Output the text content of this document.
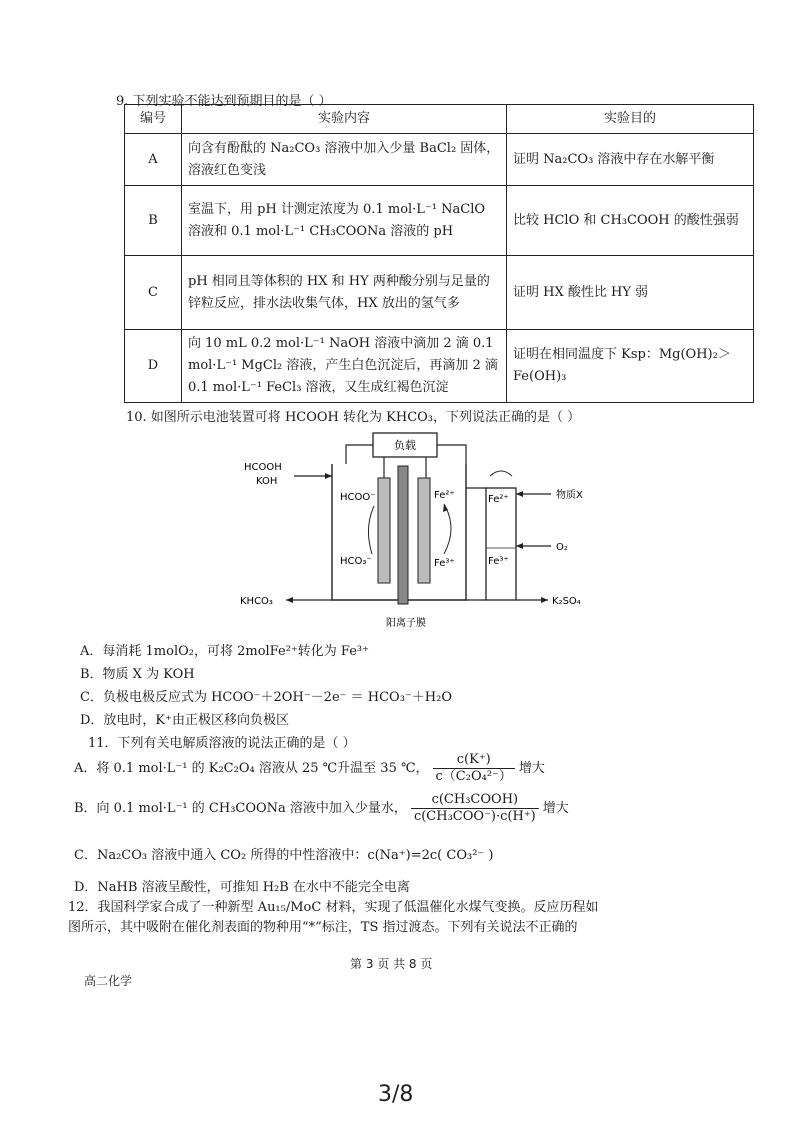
9. 下列实验不能达到预期目的是（ ）
编号	实验内容	实验目的
A	向含有酚酞的 Na₂CO₃ 溶液中加入少量 BaCl₂ 固体，溶液红色变浅	证明 Na₂CO₃ 溶液中存在水解平衡
B	室温下，用 pH 计测定浓度为 0.1 mol·L⁻¹ NaClO 溶液和 0.1 mol·L⁻¹ CH₃COONa 溶液的 pH	比较 HClO 和 CH₃COOH 的酸性强弱
C	pH 相同且等体积的 HX 和 HY 两种酸分别与足量的锌粒反应，排水法收集气体，HX 放出的氢气多	证明 HX 酸性比 HY 弱
D	向 10 mL 0.2 mol·L⁻¹ NaOH 溶液中滴加 2 滴 0.1 mol·L⁻¹ MgCl₂ 溶液，产生白色沉淀后，再滴加 2 滴 0.1 mol·L⁻¹ FeCl₃ 溶液，又生成红褐色沉淀	证明在相同温度下 Ksp：Mg(OH)₂＞Fe(OH)₃
10. 如图所示电池装置可将 HCOOH 转化为 KHCO₃，下列说法正确的是（ ）
负载
HCOOH
KOH
HCOO⁻
HCO₃⁻
Fe²⁺
Fe³⁺
KHCO₃
Fe²⁺
Fe³⁺
物质X
O₂
K₂SO₄
阳离子膜
A．每消耗 1molO₂，可将 2molFe²⁺转化为 Fe³⁺
B．物质 X 为 KOH
C．负极电极反应式为 HCOO⁻＋2OH⁻－2e⁻ ＝ HCO₃⁻＋H₂O
D．放电时，K⁺由正极区移向负极区
11．下列有关电解质溶液的说法正确的是（ ）
A．将 0.1 mol·L⁻¹ 的 K₂C₂O₄ 溶液从 25 ℃升温至 35 ℃， $\frac{c(K^+)}{\text{c（C₂O₄²⁻）}}$ 增大
B．向 0.1 mol·L⁻¹ 的 CH₃COONa 溶液中加入少量水， $\frac{\text{c(CH₃COOH)}}{\text{c(CH₃COO⁻)·c(H⁺)}}$ 增大
C．Na₂CO₃ 溶液中通入 CO₂ 所得的中性溶液中：c(Na⁺)=2c( CO₃²⁻ )
D．NaHB 溶液呈酸性，可推知 H₂B 在水中不能完全电离
12．我国科学家合成了一种新型 Au₁₅/MoC 材料，实现了低温催化水煤气变换。反应历程如
图所示，其中吸附在催化剂表面的物种用“*”标注，TS 指过渡态。下列有关说法不正确的
第 3 页 共 8 页
高二化学
3/8
